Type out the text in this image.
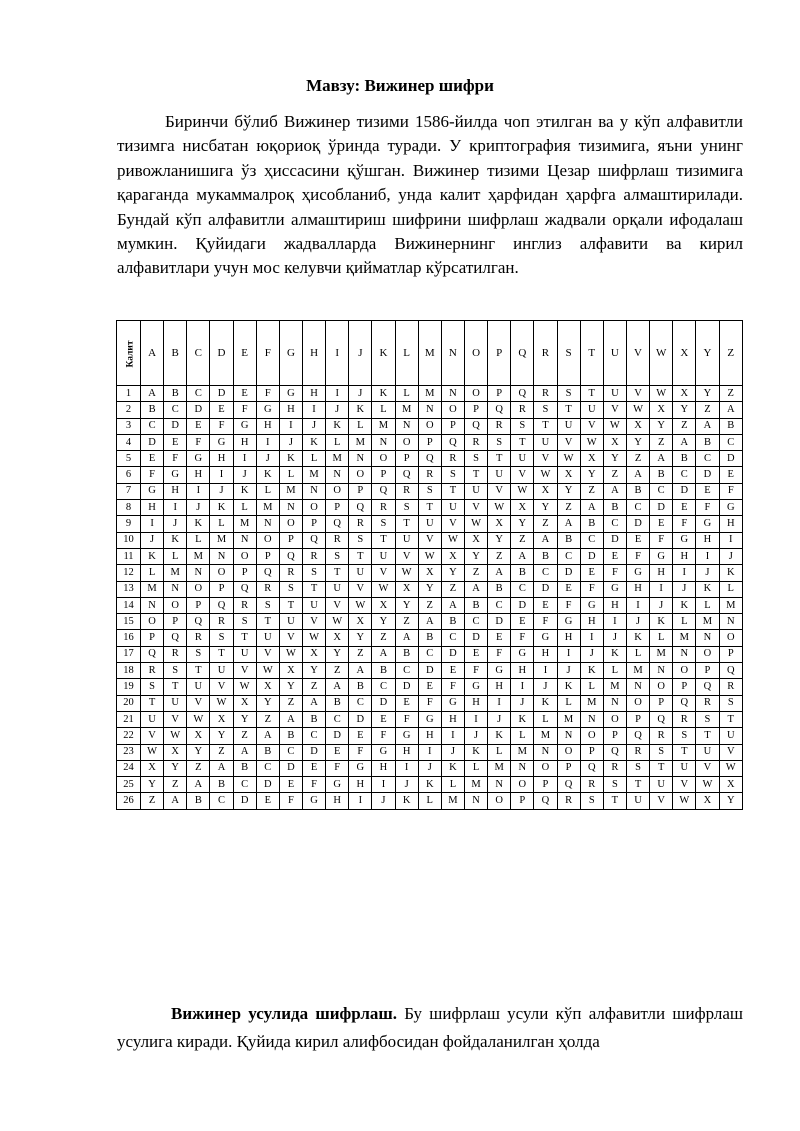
Мавзу: Вижинер шифри

Биринчи бўлиб Вижинер тизими 1586-йилда чоп этилган ва у кўп алфавитли тизимга нисбатан юқориоқ ўринда туради. У криптография тизимига, яъни унинг ривожланишига ўз ҳиссасини қўшган. Вижинер тизими Цезар шифрлаш тизимига қараганда мукаммалроқ ҳисобланиб, унда калит ҳарфидан ҳарфга алмаштирилади. Бундай кўп алфавитли алмаштириш шифрини шифрлаш жадвали орқали ифодалаш мумкин. Қуйидаги жадвалларда Вижинернинг инглиз алфавити ва кирил алфавитлари учун мос келувчи қийматлар кўрсатилган.

Калит	A	B	C	D	E	F	G	H	I	J	K	L	M	N	O	P	Q	R	S	T	U	V	W	X	Y	Z
1	A	B	C	D	E	F	G	H	I	J	K	L	M	N	O	P	Q	R	S	T	U	V	W	X	Y	Z
2	B	C	D	E	F	G	H	I	J	K	L	M	N	O	P	Q	R	S	T	U	V	W	X	Y	Z	A
3	C	D	E	F	G	H	I	J	K	L	M	N	O	P	Q	R	S	T	U	V	W	X	Y	Z	A	B
4	D	E	F	G	H	I	J	K	L	M	N	O	P	Q	R	S	T	U	V	W	X	Y	Z	A	B	C
5	E	F	G	H	I	J	K	L	M	N	O	P	Q	R	S	T	U	V	W	X	Y	Z	A	B	C	D
6	F	G	H	I	J	K	L	M	N	O	P	Q	R	S	T	U	V	W	X	Y	Z	A	B	C	D	E
7	G	H	I	J	K	L	M	N	O	P	Q	R	S	T	U	V	W	X	Y	Z	A	B	C	D	E	F
8	H	I	J	K	L	M	N	O	P	Q	R	S	T	U	V	W	X	Y	Z	A	B	C	D	E	F	G
9	I	J	K	L	M	N	O	P	Q	R	S	T	U	V	W	X	Y	Z	A	B	C	D	E	F	G	H
10	J	K	L	M	N	O	P	Q	R	S	T	U	V	W	X	Y	Z	A	B	C	D	E	F	G	H	I
11	K	L	M	N	O	P	Q	R	S	T	U	V	W	X	Y	Z	A	B	C	D	E	F	G	H	I	J
12	L	M	N	O	P	Q	R	S	T	U	V	W	X	Y	Z	A	B	C	D	E	F	G	H	I	J	K
13	M	N	O	P	Q	R	S	T	U	V	W	X	Y	Z	A	B	C	D	E	F	G	H	I	J	K	L
14	N	O	P	Q	R	S	T	U	V	W	X	Y	Z	A	B	C	D	E	F	G	H	I	J	K	L	M
15	O	P	Q	R	S	T	U	V	W	X	Y	Z	A	B	C	D	E	F	G	H	I	J	K	L	M	N
16	P	Q	R	S	T	U	V	W	X	Y	Z	A	B	C	D	E	F	G	H	I	J	K	L	M	N	O
17	Q	R	S	T	U	V	W	X	Y	Z	A	B	C	D	E	F	G	H	I	J	K	L	M	N	O	P
18	R	S	T	U	V	W	X	Y	Z	A	B	C	D	E	F	G	H	I	J	K	L	M	N	O	P	Q
19	S	T	U	V	W	X	Y	Z	A	B	C	D	E	F	G	H	I	J	K	L	M	N	O	P	Q	R
20	T	U	V	W	X	Y	Z	A	B	C	D	E	F	G	H	I	J	K	L	M	N	O	P	Q	R	S
21	U	V	W	X	Y	Z	A	B	C	D	E	F	G	H	I	J	K	L	M	N	O	P	Q	R	S	T
22	V	W	X	Y	Z	A	B	C	D	E	F	G	H	I	J	K	L	M	N	O	P	Q	R	S	T	U
23	W	X	Y	Z	A	B	C	D	E	F	G	H	I	J	K	L	M	N	O	P	Q	R	S	T	U	V
24	X	Y	Z	A	B	C	D	E	F	G	H	I	J	K	L	M	N	O	P	Q	R	S	T	U	V	W
25	Y	Z	A	B	C	D	E	F	G	H	I	J	K	L	M	N	O	P	Q	R	S	T	U	V	W	X
26	Z	A	B	C	D	E	F	G	H	I	J	K	L	M	N	O	P	Q	R	S	T	U	V	W	X	Y

Вижинер усулида шифрлаш. Бу шифрлаш усули кўп алфавитли шифрлаш усулига киради. Қуйида кирил алифбосидан фойдаланилган ҳолда
